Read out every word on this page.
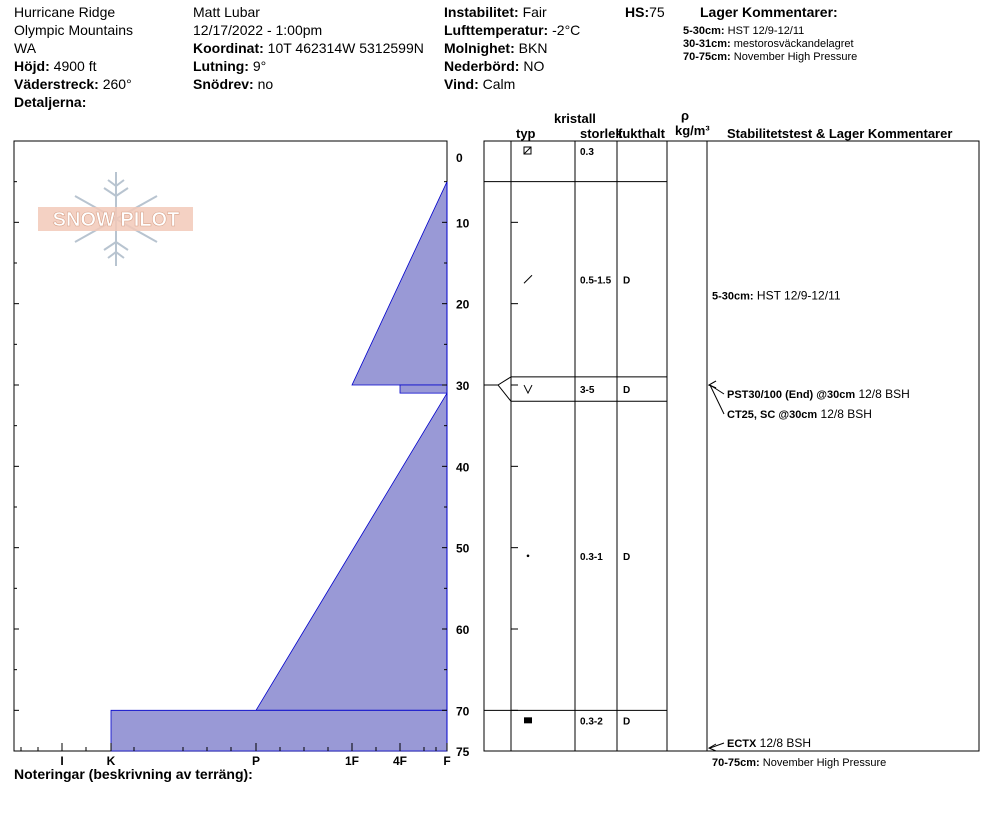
Hurricane Ridge
Olympic Mountains
WA
Höjd: 4900 ft
Väderstreck: 260°
Detaljerna:
Matt Lubar
12/17/2022 - 1:00pm
Koordinat: 10T 462314W 5312599N
Lutning: 9°
Snödrev: no
Instabilitet: Fair
Lufttemperatur: -2°C
Molnighet: BKN
Nederbörd: NO
Vind: Calm
HS:75	Lager Kommentarer:
5-30cm: HST 12/9-12/11
30-31cm: mestorosväckandelagret
70-75cm: November High Pressure
kristall
typ	storlek
fukthalt
ρ
kg/m³ Stabilitetstest & Lager Kommentarer
SNOW PILOT
I	K	P	1F	4F	F
0
10
20
30
40
50
60
70
75
0.3
0.5-1.5 D
3-5	D
0.3-1 D
0.3-2 D
5-30cm: HST 12/9-12/11
PST30/100 (End) @30cm 12/8 BSH
CT25, SC @30cm 12/8 BSH
ECTX 12/8 BSH
70-75cm: November High Pressure
Noteringar (beskrivning av terräng):
